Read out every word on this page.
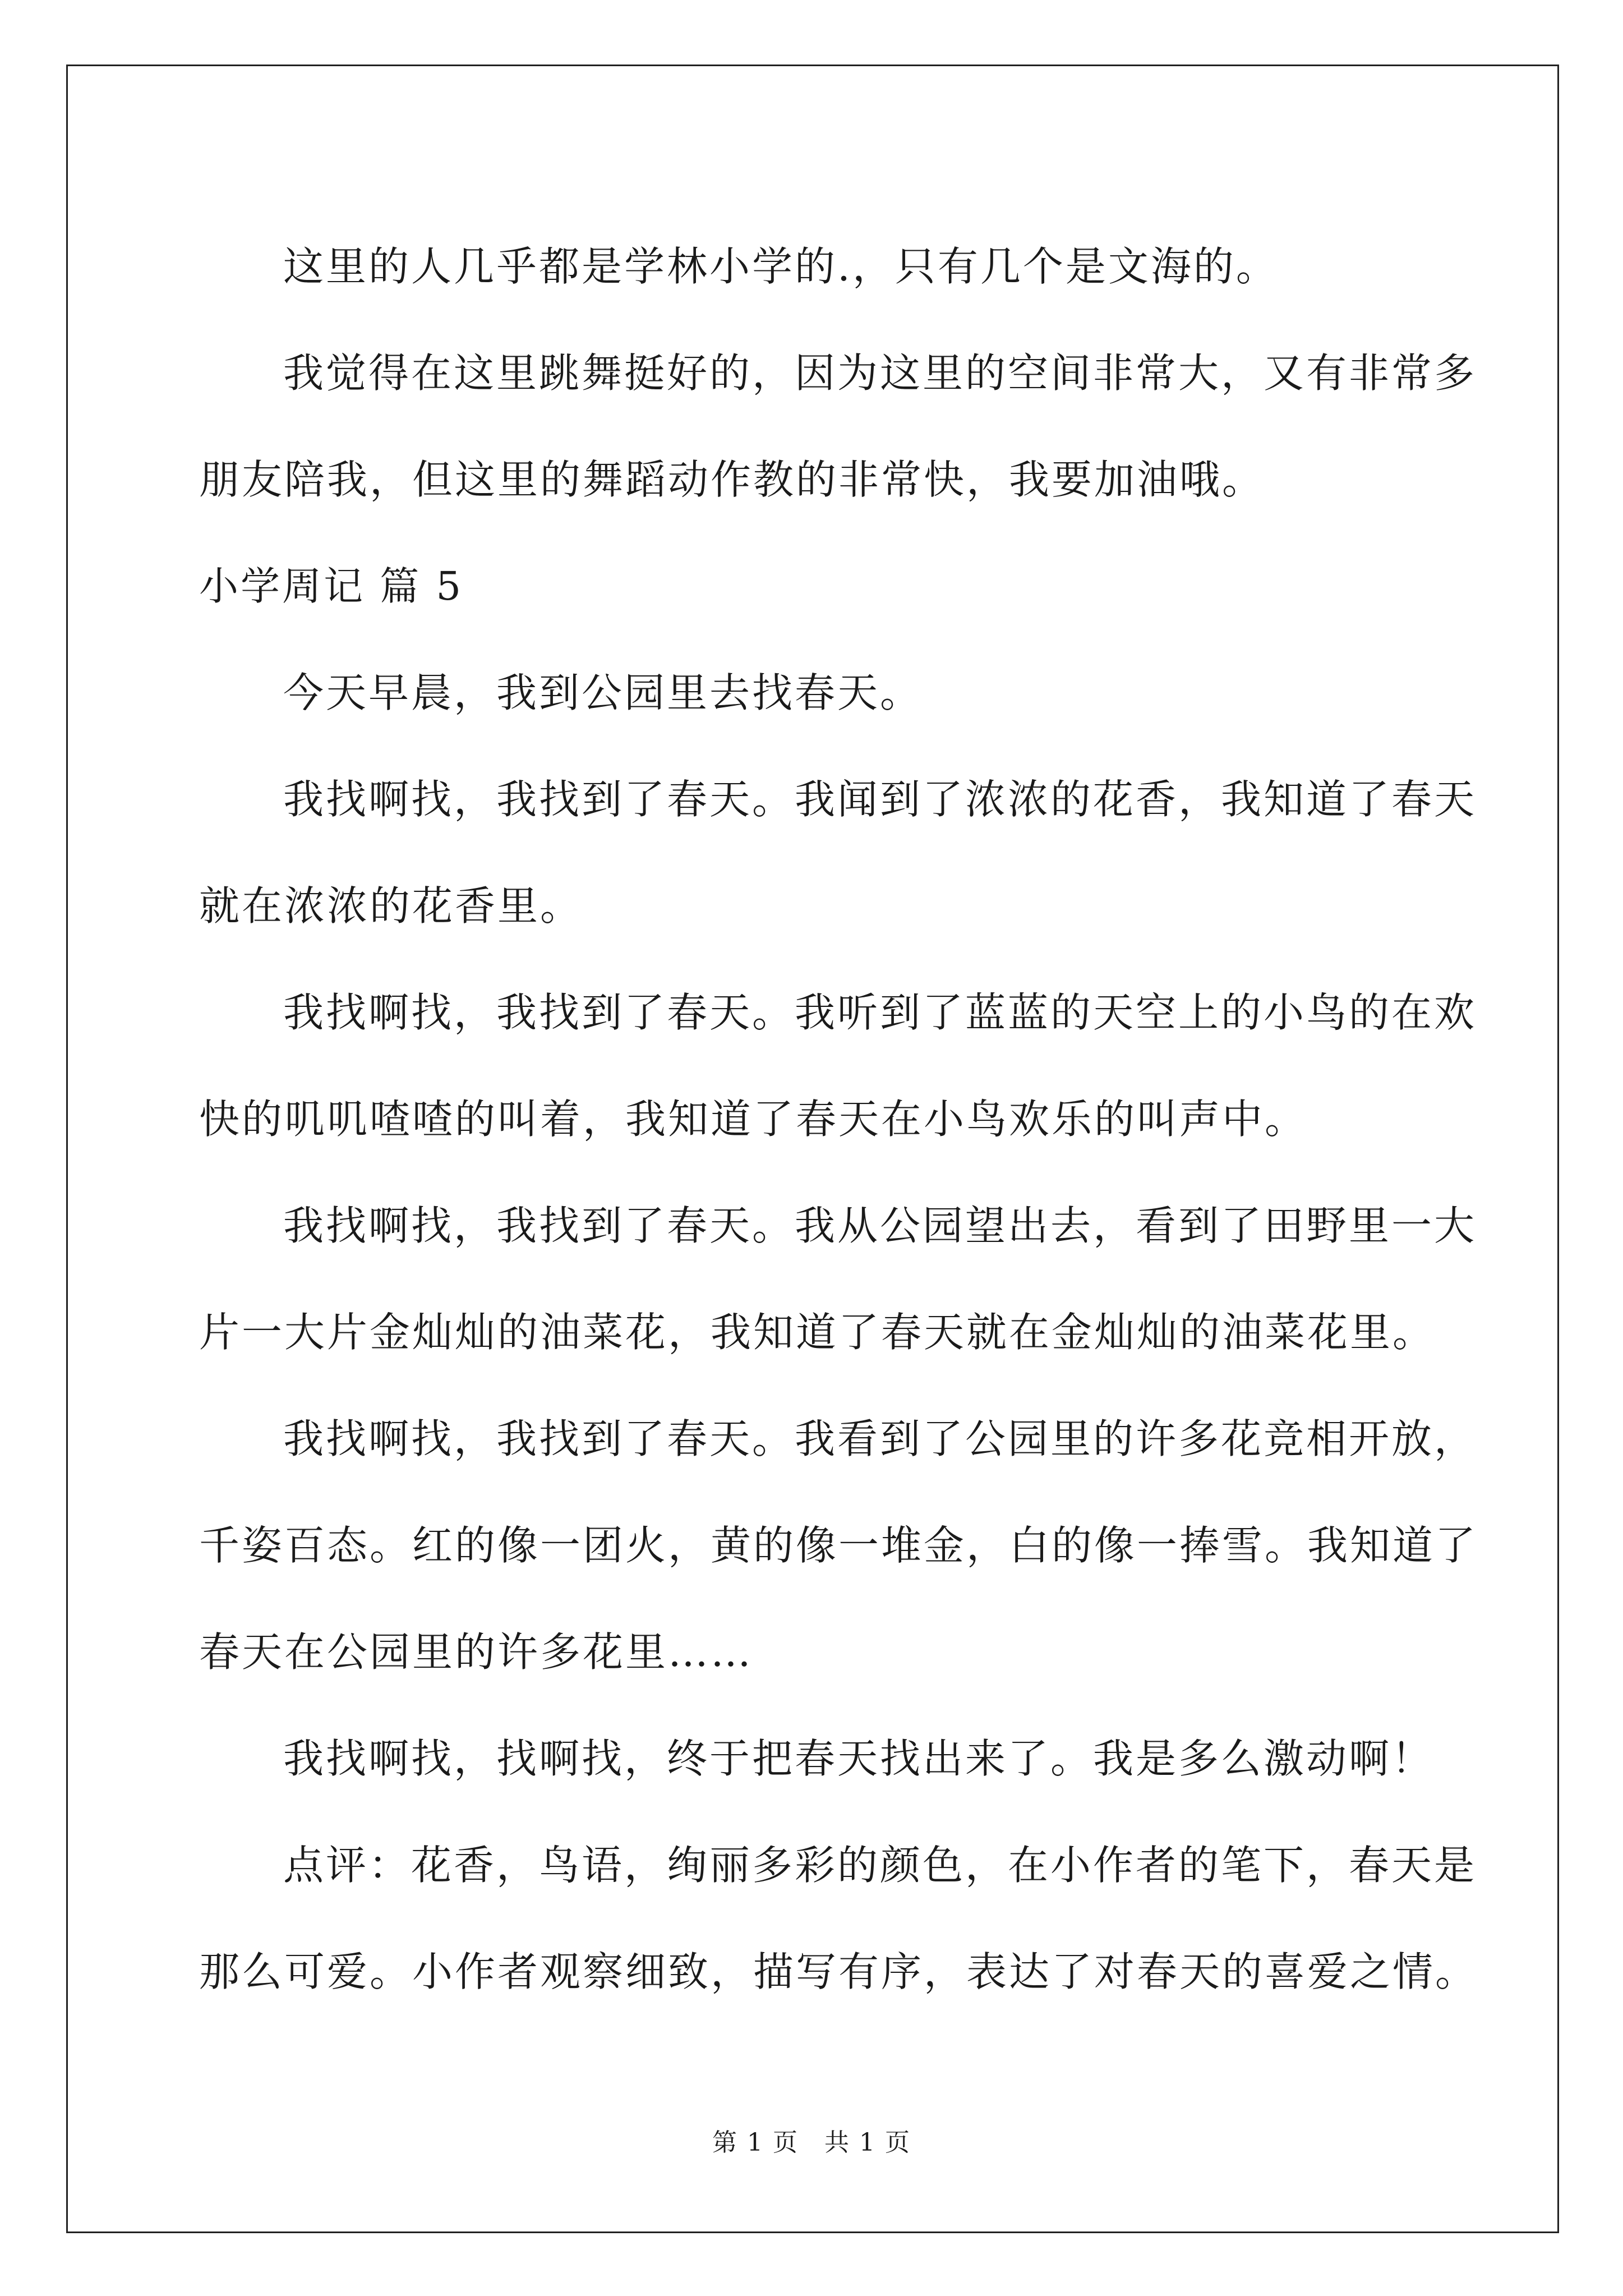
这里的人几乎都是学林小学的.，只有几个是文海的。

我觉得在这里跳舞挺好的，因为这里的空间非常大，又有非常多

朋友陪我，但这里的舞蹈动作教的非常快，我要加油哦。

小学周记 篇 5

今天早晨，我到公园里去找春天。

我找啊找，我找到了春天。我闻到了浓浓的花香，我知道了春天

就在浓浓的花香里。

我找啊找，我找到了春天。我听到了蓝蓝的天空上的小鸟的在欢

快的叽叽喳喳的叫着，我知道了春天在小鸟欢乐的叫声中。

我找啊找，我找到了春天。我从公园望出去，看到了田野里一大

片一大片金灿灿的油菜花，我知道了春天就在金灿灿的油菜花里。

我找啊找，我找到了春天。我看到了公园里的许多花竞相开放，

千姿百态。红的像一团火，黄的像一堆金，白的像一捧雪。我知道了

春天在公园里的许多花里……

我找啊找，找啊找，终于把春天找出来了。我是多么激动啊！

点评：花香，鸟语，绚丽多彩的颜色，在小作者的笔下，春天是

那么可爱。小作者观察细致，描写有序，表达了对春天的喜爱之情。

第 1 页　共 1 页
